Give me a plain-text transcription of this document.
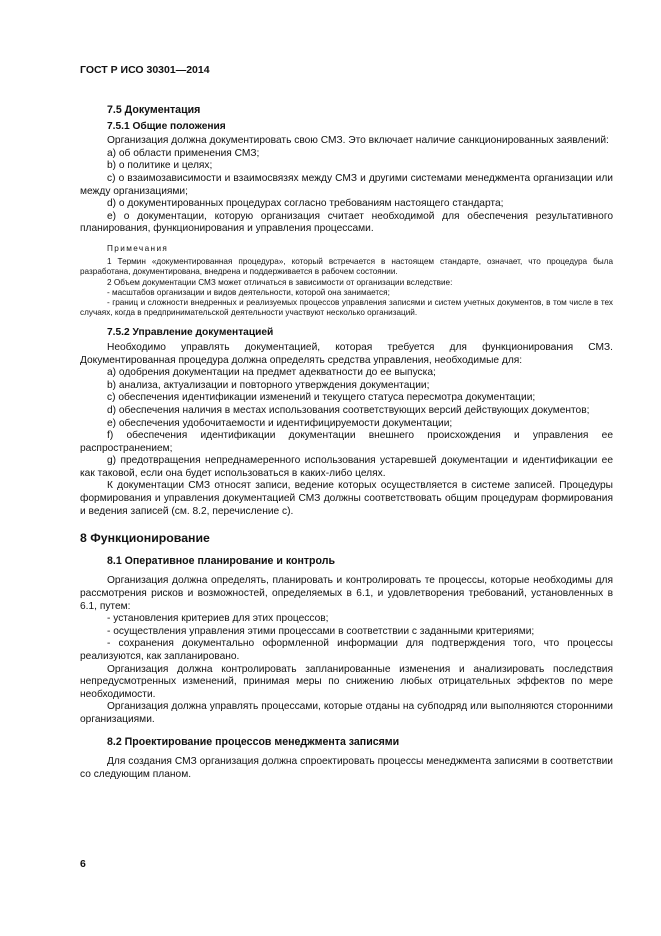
ГОСТ Р ИСО 30301—2014
7.5 Документация
7.5.1 Общие положения

Организация должна документировать свою СМЗ. Это включает наличие санкционированных заявлений:

a) об области применения СМЗ;

b) о политике и целях;

c) о взаимозависимости и взаимосвязях между СМЗ и другими системами менеджмента организации или между организациями;

d) о документированных процедурах согласно требованиям настоящего стандарта;

е) о документации, которую организация считает необходимой для обеспечения результативного планирования, функционирования и управления процессами.

Примечания

1 Термин «документированная процедура», который встречается в настоящем стандарте, означает, что процедура была разработана, документирована, внедрена и поддерживается в рабочем состоянии.

2 Объем документации СМЗ может отличаться в зависимости от организации вследствие:

- масштабов организации и видов деятельности, которой она занимается;

- границ и сложности внедренных и реализуемых процессов управления записями и систем учетных документов, в том числе в тех случаях, когда в предпринимательской деятельности участвуют несколько организаций.

7.5.2 Управление документацией

Необходимо управлять документацией, которая требуется для функционирования СМЗ. Документированная процедура должна определять средства управления, необходимые для:

a) одобрения документации на предмет адекватности до ее выпуска;

b) анализа, актуализации и повторного утверждения документации;

c) обеспечения идентификации изменений и текущего статуса пересмотра документации;

d) обеспечения наличия в местах использования соответствующих версий действующих документов;

e) обеспечения удобочитаемости и идентифицируемости документации;

f) обеспечения идентификации документации внешнего происхождения и управления ее распространением;

g) предотвращения непреднамеренного использования устаревшей документации и идентификации ее как таковой, если она будет использоваться в каких-либо целях.

К документации СМЗ относят записи, ведение которых осуществляется в системе записей. Процедуры формирования и управления документацией СМЗ должны соответствовать общим процедурам формирования и ведения записей (см. 8.2, перечисление с).

8 Функционирование
8.1 Оперативное планирование и контроль

Организация должна определять, планировать и контролировать те процессы, которые необходимы для рассмотрения рисков и возможностей, определяемых в 6.1, и удовлетворения требований, установленных в 6.1, путем:

- установления критериев для этих процессов;

- осуществления управления этими процессами в соответствии с заданными критериями;

- сохранения документально оформленной информации для подтверждения того, что процессы реализуются, как запланировано.

Организация должна контролировать запланированные изменения и анализировать последствия непредусмотренных изменений, принимая меры по снижению любых отрицательных эффектов по мере необходимости.

Организация должна управлять процессами, которые отданы на субподряд или выполняются сторонними организациями.

8.2 Проектирование процессов менеджмента записями

Для создания СМЗ организация должна спроектировать процессы менеджмента записями в соответствии со следующим планом.

6
